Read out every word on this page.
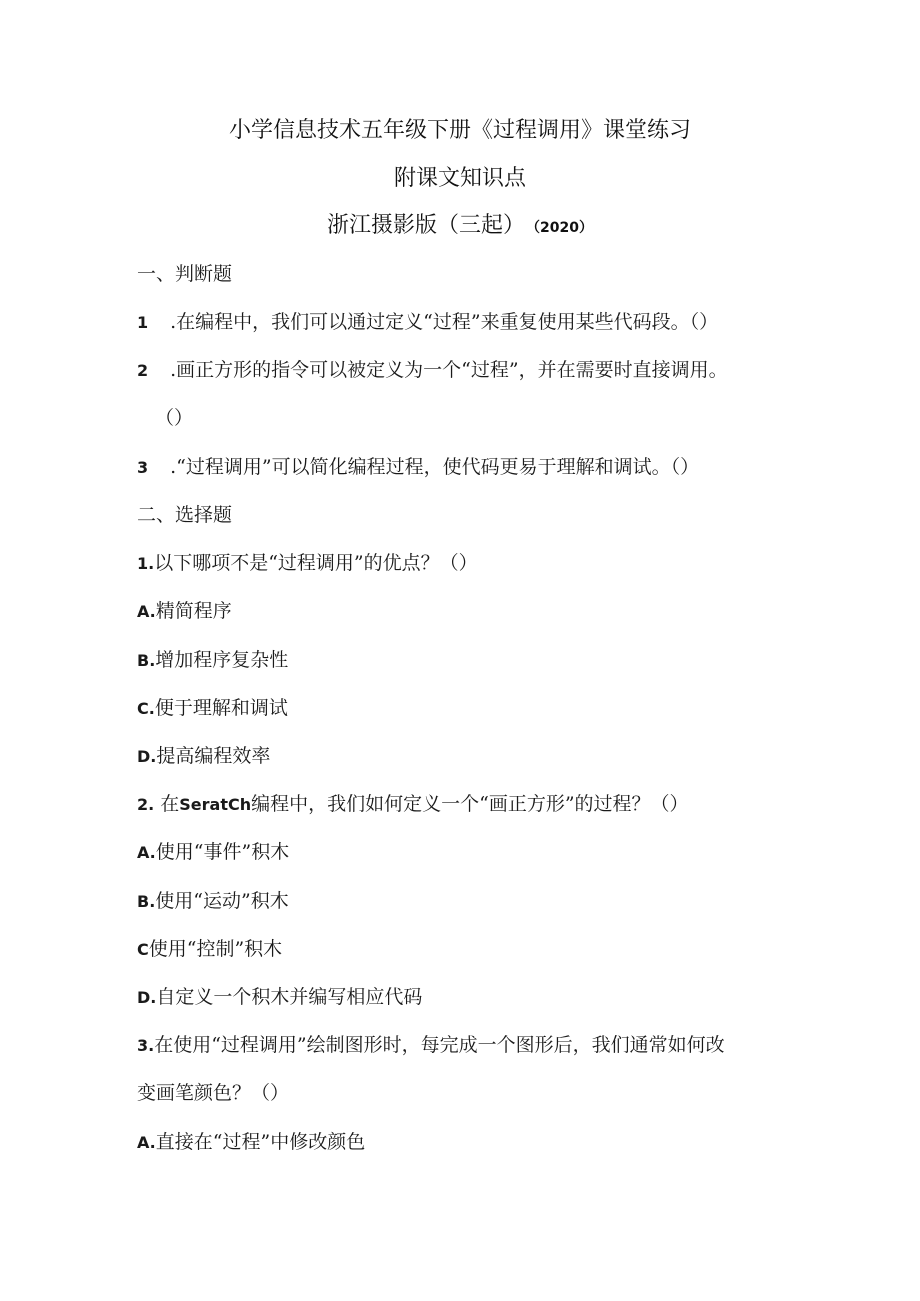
小学信息技术五年级下册《过程调用》课堂练习
附课文知识点
浙江摄影版（三起） （2020）
一、判断题
1 .在编程中，我们可以通过定义“过程”来重复使用某些代码段。（）
2 .画正方形的指令可以被定义为一个“过程”，并在需要时直接调用。
（）
3 .“过程调用”可以简化编程过程，使代码更易于理解和调试。（）
二、选择题
1.以下哪项不是“过程调用”的优点？（）
A.精简程序
B.增加程序复杂性
C.便于理解和调试
D.提高编程效率
2. 在SeratCh编程中，我们如何定义一个“画正方形”的过程？（）
A.使用“事件”积木
B.使用“运动”积木
C使用“控制”积木
D.自定义一个积木并编写相应代码
3.在使用“过程调用”绘制图形时，每完成一个图形后，我们通常如何改
变画笔颜色？（）
A.直接在“过程”中修改颜色
